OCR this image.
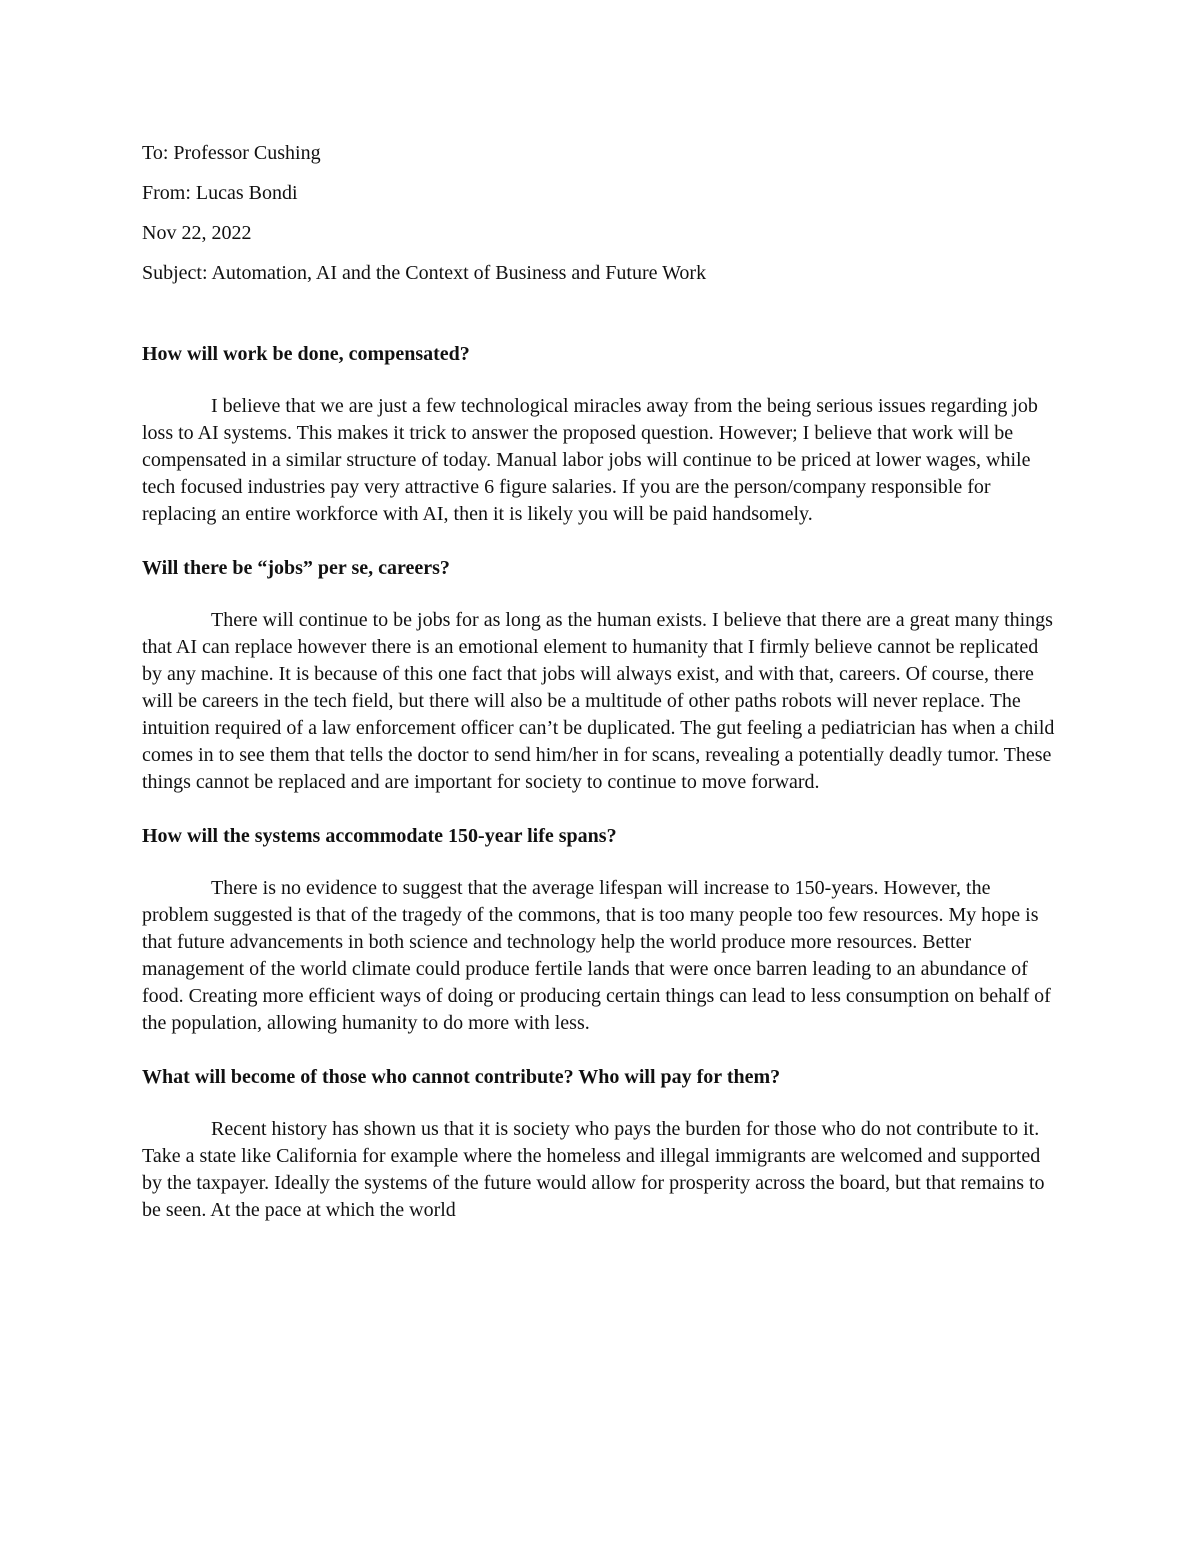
To: Professor Cushing
From: Lucas Bondi
Nov 22, 2022
Subject: Automation, AI and the Context of Business and Future Work
How will work be done, compensated?

I believe that we are just a few technological miracles away from the being serious issues regarding job loss to AI systems. This makes it trick to answer the proposed question. However; I believe that work will be compensated in a similar structure of today. Manual labor jobs will continue to be priced at lower wages, while tech focused industries pay very attractive 6 figure salaries. If you are the person/company responsible for replacing an entire workforce with AI, then it is likely you will be paid handsomely.

Will there be “jobs” per se, careers?

There will continue to be jobs for as long as the human exists. I believe that there are a great many things that AI can replace however there is an emotional element to humanity that I firmly believe cannot be replicated by any machine. It is because of this one fact that jobs will always exist, and with that, careers. Of course, there will be careers in the tech field, but there will also be a multitude of other paths robots will never replace. The intuition required of a law enforcement officer can’t be duplicated. The gut feeling a pediatrician has when a child comes in to see them that tells the doctor to send him/her in for scans, revealing a potentially deadly tumor. These things cannot be replaced and are important for society to continue to move forward.

How will the systems accommodate 150-year life spans?

There is no evidence to suggest that the average lifespan will increase to 150-years. However, the problem suggested is that of the tragedy of the commons, that is too many people too few resources. My hope is that future advancements in both science and technology help the world produce more resources. Better management of the world climate could produce fertile lands that were once barren leading to an abundance of food. Creating more efficient ways of doing or producing certain things can lead to less consumption on behalf of the population, allowing humanity to do more with less.

What will become of those who cannot contribute? Who will pay for them?

Recent history has shown us that it is society who pays the burden for those who do not contribute to it. Take a state like California for example where the homeless and illegal immigrants are welcomed and supported by the taxpayer. Ideally the systems of the future would allow for prosperity across the board, but that remains to be seen. At the pace at which the world
